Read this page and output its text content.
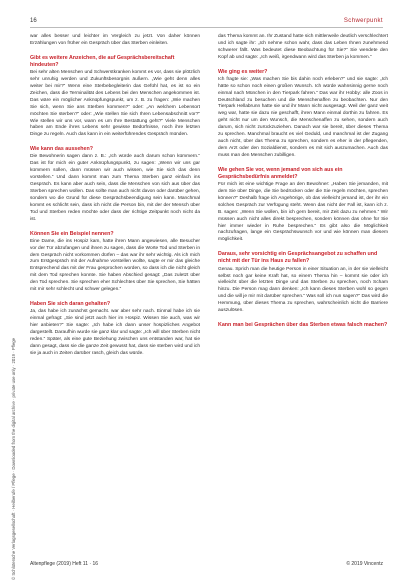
© Schlütersche Verlagsgesellschaft · Heilberufe / Pflege · Downloaded from the digital archive · private use only · 2019 · Pflege
16	Schwerpunkt

war alles besser und leichter im Vergleich zu jetzt. Von daher können Erzählungen von früher ein Gespräch über das Sterben einleiten.

Gibt es weitere Anzeichen, die auf Gesprächsbereitschaft hindeuten?

Bei sehr alten Menschen und Schwerstkranken kommt es vor, dass sie plötzlich sehr unruhig werden und Zukunftsbesorgnis äußern. „Wie geht denn alles weiter bei mir?“ Wenn eine Sterbebegleiterin das Gefühl hat, es ist so ein Zeichen, dass die Terminalität des Lebens bei den Menschen angekommen ist. Das wäre ein möglicher Anknüpfungspunkt, um z. B. zu fragen: „Wie machen Sie sich, wenn Sie ans Sterben kommen?“ oder: „An welchem Lebensort möchten Sie sterben?“ oder: „Wie stellen Sie sich Ihren Lebensabschnitt vor?“ Wie stellen wir uns vor, wann es um Ihre Bestattung geht?“ Viele Menschen haben am Ende ihres Lebens sehr gewisse Bedürfnisse, noch ihre letzten Dinge zu regeln. Auch das kann in ein weiterführendes Gespräch münden.

Wie kann das aussehen?

Die Bewohnerin sagen dann z. B.: „Ich würde auch darum schon kümmern.“ Das ist für mich ein guter Anknüpfungspunkt, zu sagen: „Wenn wir uns gar kümmern sollen, dann müssen wir auch wissen, wie Sie sich das denn vorstellen.“ Und dann kommt man zum Thema Sterben ganz einfach ins Gespräch. Es kann aber auch sein, dass die Menschen von sich aus über das Sterben sprechen wollen. Das sollte man auch nicht davon oder darüber gehen, sondern wo die Grund für diese Gesprächsbeendigung sein kann. Manchmal kommt es schlicht sein, dass ich nicht die Person bin, mit der der Mensch über Tod und Sterben reden möchte oder dass der richtige Zeitpunkt noch nicht da ist.

Können Sie ein Beispiel nennen?

Eine Dame, die ins Hospiz kam, hatte ihren Mann angewiesen, alle Besucher vor der Tür abzufangen und ihnen zu sagen, dass die Worte Tod und Sterben in dem Gespräch nicht vorkommen dürfen – das war ihr sehr wichtig. Als ich mich zum Erstgespräch mit der Aufnahme vorstellen wollte, sagte er mir das gleiche Entsprechend das mit der Frau gesprochen worden, so dass ich die nicht gleich mit dem Tod sprechen konnte. Sie haben Abschied gesagt: „Das zuletzt über den Tod sprechen. Sie sprechen eher Schlechtes über Sie sprechen, Sie hätten mit mir sehr schlecht und schwer gelegen.“

Haben Sie sich daran gehalten?

Ja, das habe ich zunächst gemacht. war aber sehr nach. Einmal habe ich sie einmal gefragt: „Sie sind jetzt auch hier im Hospiz. Wissen Sie auch, was wir hier anbieten?“ Sie sagte: „Ich habe ich dann unser hospizliches Angebot dargestellt. Daraufhin wurde sie ganz klar und sagte: „Ich will über Sterben nicht reden.“ Später, als eine gute Beziehung zwischen uns entstanden war, hat sie dann gesagt, dass sie die ganze Zeit gewusst hat, dass sie sterben wird und ich sie ja auch in Zeiten darüber rasch, gleich das würde.

das Thema kommt an. Ihr Zustand hatte sich mittlerweile deutlich verschlechtert und ich sagte ihr: „Ich nehme schon wahr, dass das Leben Ihnen zunehmend schwerer fällt. Was bedeutet diese Beobachtung für Sie?“ Sie wendete den Kopf ab und sagte: „Ich weiß, irgendwann wird das Sterben ja kommen.“

Wie ging es weiter?

Ich fragte sie: „Was machen Sie bis dahin noch erleben?“ und sie sagte: „Ich hätte so schon noch einen großen Wunsch. Ich würde wahnsinnig gerne noch einmal nach München in den Tierpark fahren.“ Das war ihr Hobby: alle Zoos in Deutschland zu besuchen und die Menschenaffen zu beobachten. Nur den Tierpark Hellabrunn hatte sie und ihr Mann nicht ausgesagt. Weil der ganz weit weg war, hatte sie dazu nie geschafft, ihren Mann einmal dorthin zu fahren. Es geht nicht nur um den Wunsch, die Menschenaffen zu sehen, sondern auch darum, sich nicht zurückzuziehen. Danach war sie bereit, über dieses Thema zu sprechen. Manchmal braucht es viel Geduld, und manchmal ist der Zugang auch nicht, über das Thema zu sprechen, sondern es eher in der pflegenden, dem Arzt oder den Sozialdienst, sondern es mit sich auszumachen. Auch das muss man den Menschen zubilligen.

Wie gehen Sie vor, wenn jemand von sich aus ein Gesprächsbedürfnis anmeldet?

Für mich ist eine wichtige Frage an den Bewohner: „Haben Sie jemanden, mit dem Sie über Dinge, die Sie bedrücken oder die Sie regeln möchten, sprechen können?“ Deshalb frage ich Angehörige, ob das vielleicht jemand ist, der ihr ein solches Gespräch zur Verfügung steht. Wenn das nicht der Fall ist, kann ich z. B. sagen: „Wenn Sie wollen, bin ich gern bereit, mir Zeit dazu zu nehmen.“ Wir müssen auch nicht alles direkt besprechen, sondern können das ohne für Sie hier immer wieder in Ruhe besprechen.“ Es gibt also die Möglichkeit nachzufragen, lange ein Gesprächswunsch vor und wie können man diesem möglichkeit.

Daraus, sehr vorsichtig ein Gesprächsangebot zu schaffen und nicht mit der Tür ins Haus zu fallen?

Genau. Sprich man die heutige Person in einer Situation an, in der sie vielleicht selbst noch gar keine Kraft hat, so einem Thema hin – kommt sie oder ich vielleicht über die letzten Dinge und das Sterben zu sprechen, noch Scham hinzu. Die Person mag dann denken: „Ich kann dieses Sterben wohl so gegen und die will je mir mit darüber sprechen.“ Was soll ich nun sagen?“ Das wird die Hemmung, über dieses Thema zu sprechen, wahrscheinlich nicht die Barriere auszulösen.

Kann man bei Gesprächen über das Sterben etwas falsch machen?

Altenpflege (2019) Heft 11 · 16	© 2019 Vincentz
